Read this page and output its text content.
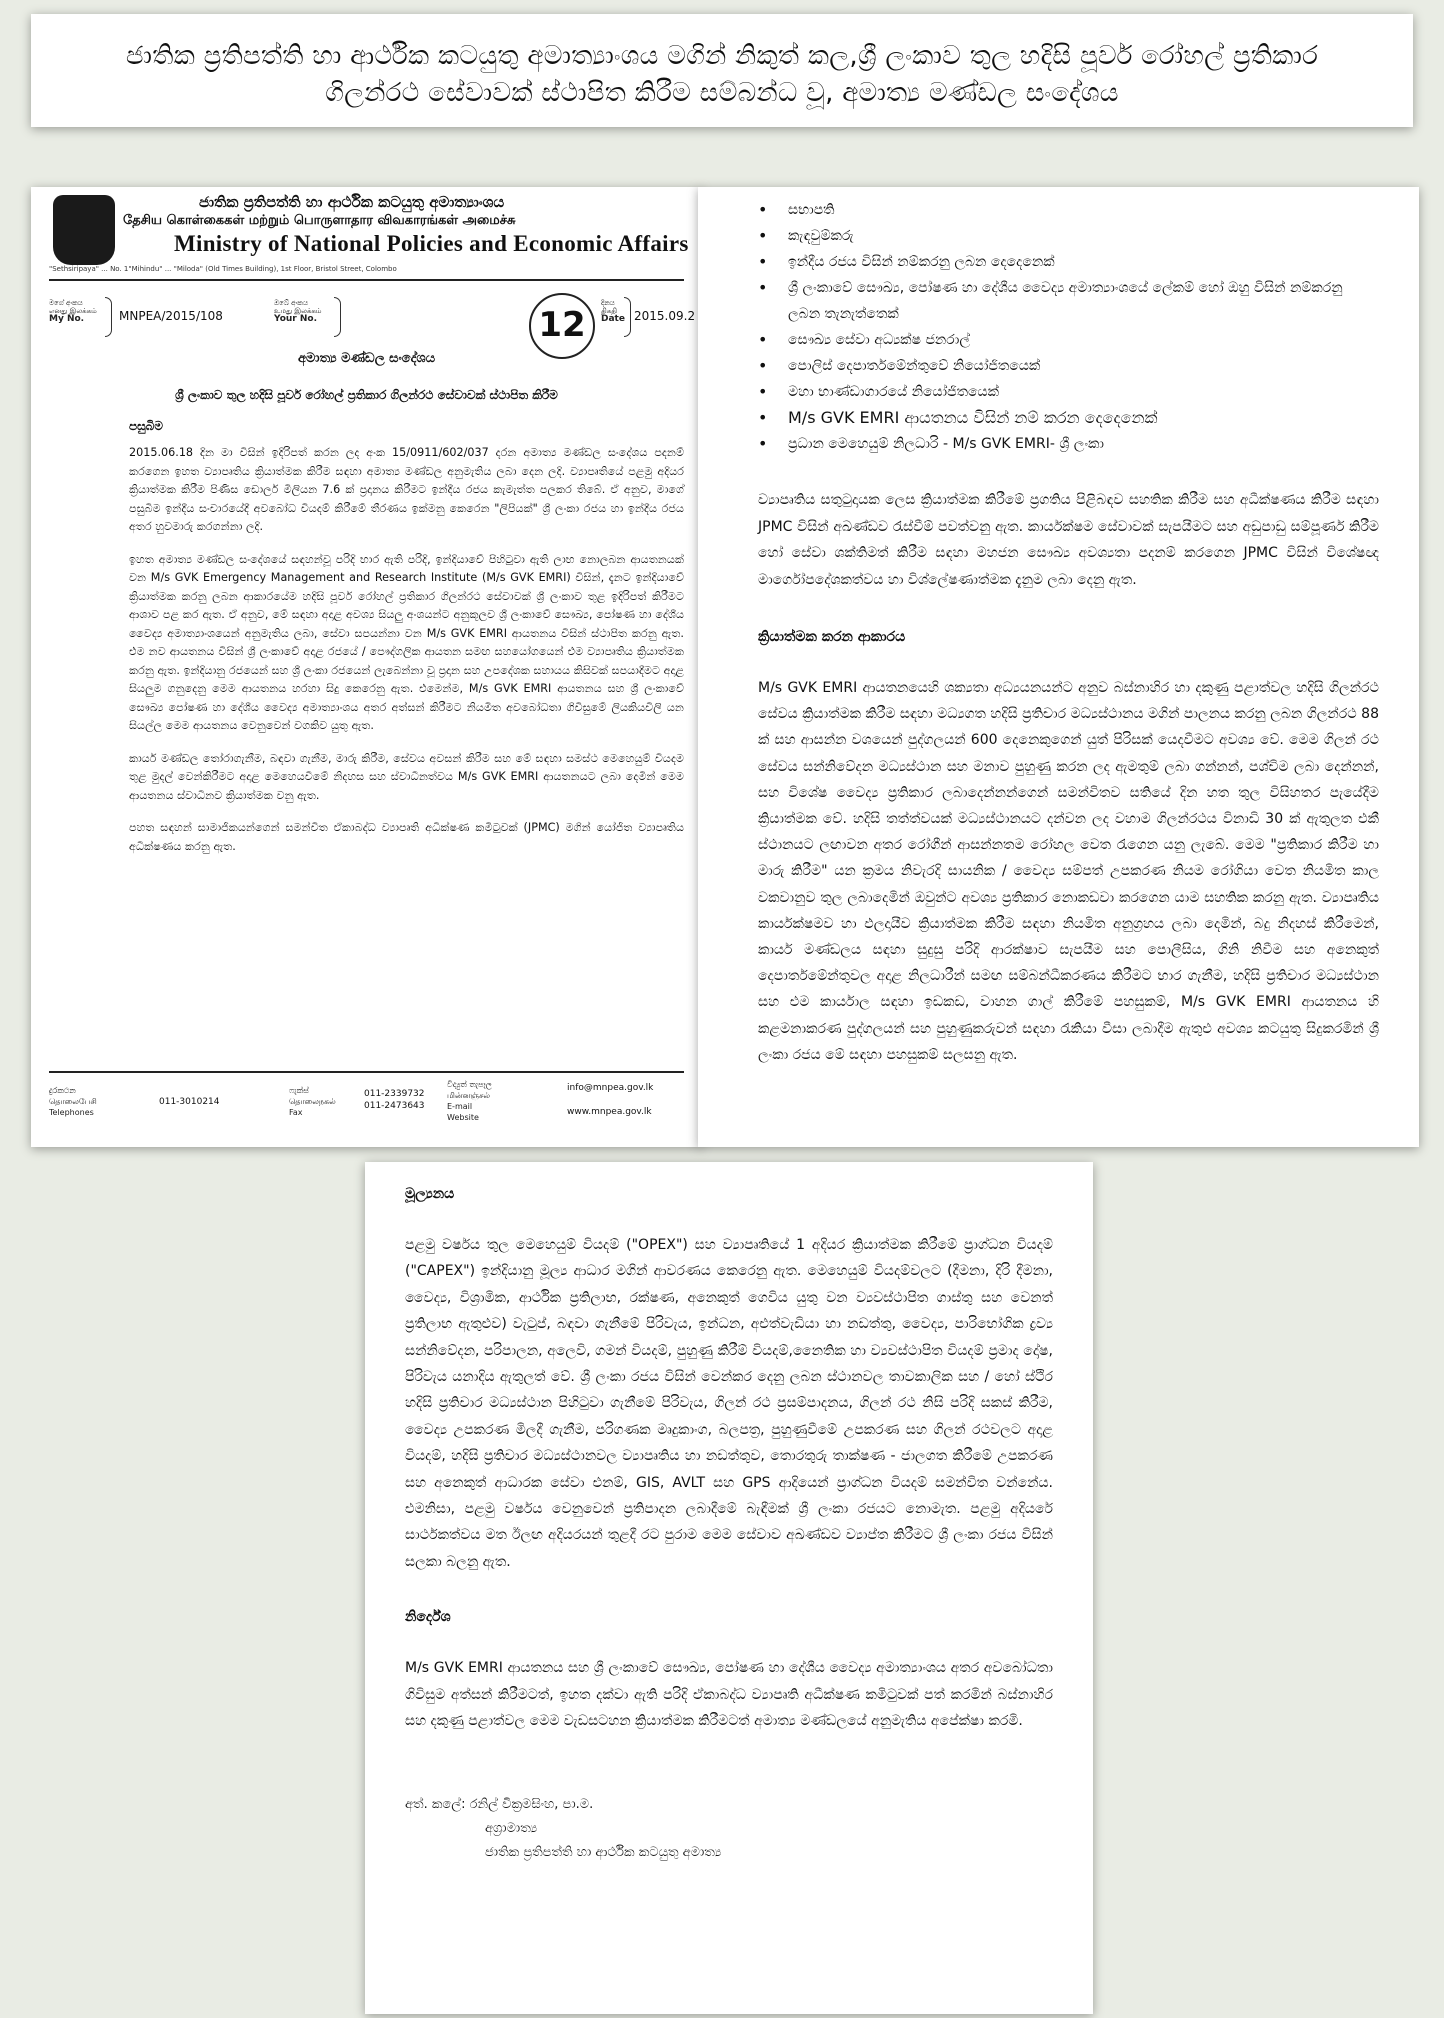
ජාතික ප්‍රතිපත්ති හා ආර්ථික කටයුතු අමාත්‍යාංශය මගින් නිකුත් කල,ශ්‍රී ලංකාව තුල හදිසි පූර්ව රෝහල් ප්‍රතිකාර
ගිලන්රථ සේවාවක් ස්ථාපිත කිරීම සම්බන්ධ වූ, අමාත්‍ය මණ්ඩල සංදේශය
ජාතික ප්‍රතිපත්ති හා ආර්ථික කටයුතු අමාත්‍යාංශය
தேசிய கொள்கைகள் மற்றும் பொருளாதார விவகாரங்கள் அமைச்சு
Ministry of National Policies and Economic Affairs
"Sethsiripaya" ... No. 1"Mihindu" ... "Miloda" (Old Times Building), 1st Floor, Bristol Street, Colombo
මගේ අංකය
எனது இலக்கம்
My No.	MNPEA/2015/108
ඔබේ අංකය
உமது இலக்கம்
Your No.	12
දිනය
திகதி
Date 2015.09.2
අමාත්‍ය මණ්ඩල සංදේශය
ශ්‍රී ලංකාව තුල හදිසි පූර්ව රෝහල් ප්‍රතිකාර ගිලන්රථ සේවාවක් ස්ථාපිත කිරීම
පසුබිම
2015.06.18 දින මා විසින් ඉදිරිපත් කරන ලද අංක 15/0911/602/037 දරන අමාත්‍ය මණ්ඩල සංදේශය පදනම් කරගෙන ඉහත ව්‍යාපෘතිය ක්‍රියාත්මක කිරීම සඳහා අමාත්‍ය මණ්ඩල අනුමැතිය ලබා දෙන ලදි. ව්‍යාපෘතියේ පළමු අදියර ක්‍රියාත්මක කිරීම පිණිස ඩොලර් මිලියන 7.6 ක් ප්‍රදානය කිරීමට ඉන්දීය රජය කැමැත්ත පලකර තිබේ. ඒ අනුව, මාගේ පසුබිම ඉන්දීය සංචාරයේදී අවබෝධ වියදම් කිරීමේ තීරණය ඉක්මනු කෙරෙන "ලිපියක්" ශ්‍රී ලංකා රජය හා ඉන්දීය රජය අතර හුවමාරු කරගන්නා ලදි.
ඉහත අමාත්‍ය මණ්ඩල සංදේශයේ සඳහන්වූ පරිදි භාර ඇති පරිදි, ඉන්දියාවේ පිහිටුවා ඇති ලාභ නොලබන ආයතනයක් වන M/s GVK Emergency Management and Research Institute (M/s GVK EMRI) විසින්, දැනට ඉන්දියාවේ ක්‍රියාත්මක කරනු ලබන ආකාරයේම හදිසි පූර්ව රෝහල් ප්‍රතිකාර ගිලන්රථ සේවාවක් ශ්‍රී ලංකාව තුළ ඉදිරිපත් කිරීමට ආශාව පළ කර ඇත. ඒ අනුව, මේ සඳහා අදාළ අවශ්‍ය සියලු අංශයන්ට අනුකූලව ශ්‍රී ලංකාවේ සෞඛ්‍ය, පෝෂණ හා දේශීය වෛද්‍ය අමාත්‍යාංශයෙන් අනුමැතිය ලබා, සේවා සපයන්නා වන M/s GVK EMRI ආයතනය විසින් ස්ථාපිත කරනු ඇත. එම නව ආයතනය විසින් ශ්‍රී ලංකාවේ අදාළ රජයේ / පෞද්ගලික ආයතන සමඟ සහයෝගයෙන් එම ව්‍යාපෘතිය ක්‍රියාත්මක කරනු ඇත. ඉන්දියානු රජයෙන් සහ ශ්‍රී ලංකා රජයෙන් ලැබෙන්නා වූ ප්‍රදාන සහ උපදේශක සහායය කිසිවක් සපයාදීමට අදාළ සියලුම ගනුදෙනු මෙම ආයතනය හරහා සිදු කෙරෙනු ඇත. එමෙන්ම, M/s GVK EMRI ආයතනය සහ ශ්‍රී ලංකාවේ සෞඛ්‍ය පෝෂණ හා දේශීය වෛද්‍ය අමාත්‍යාංශය අතර අත්සන් කිරීමට නියමිත අවබෝධතා ගිවිසුමේ ලියකියවිලි යන සියල්ල මෙම ආයතනය වෙනුවෙන් වගකිව යුතු ඇත.
කාර්ය මණ්ඩල තෝරාගැනීම, බඳවා ගැනීම, මාරු කිරීම, සේවය අවසන් කිරීම සහ මේ සඳහා සමස්ථ මෙහෙයුම් වියදම තුළ මුදල් වෙන්කිරීමට අදාළ මෙහෙයවීමේ නිදහස සහ ස්වාධීනත්වය M/s GVK EMRI ආයතනයට ලබා දෙමින් මෙම ආයතනය ස්වාධීනව ක්‍රියාත්මක වනු ඇත.
පහත සඳහන් සාමාජිකයන්ගෙන් සමන්විත ඒකාබද්ධ ව්‍යාපෘති අධීක්ෂණ කමිටුවක් (JPMC) මගින් යෝජිත ව්‍යාපෘතිය අධීක්ෂණය කරනු ඇත.
දුරකථන
தொலைபேசி
Telephones
011-3010214
ෆැක්ස්
தொலைநகல்
Fax
011-2339732
011-2473643
විද්‍යුත් තැපෑල
மின்னஞ்சல்
E-mail
Website
info@mnpea.gov.lk
www.mnpea.gov.lk
• සභාපති
• කැඳවුම්කරු
• ඉන්දීය රජය විසින් නම්කරනු ලබන දෙදෙනෙක්
• ශ්‍රී ලංකාවේ සෞඛ්‍ය, පෝෂණ හා දේශීය වෛද්‍ය අමාත්‍යාංශයේ ලේකම් හෝ ඔහු විසින් නම්කරනු ලබන තැනැත්තෙක්
• සෞඛ්‍ය සේවා අධ්‍යක්ෂ ජනරාල්
• පොලිස් දෙපාර්තමේන්තුවේ නියෝජිතයෙක්
• මහා භාණ්ඩාගාරයේ නියෝජිතයෙක්
• M/s GVK EMRI ආයතනය විසින් නම් කරන දෙදෙනෙක්
• ප්‍රධාන මෙහෙයුම් නිලධාරි - M/s GVK EMRI- ශ්‍රී ලංකා
ව්‍යාපෘතිය සතුටුදායක ලෙස ක්‍රියාත්මක කිරීමේ ප්‍රගතිය පිළිබඳව සහතික කිරීම සහ අධීක්ෂණය කිරීම සඳහා JPMC විසින් අඛණ්ඩව රැස්වීම් පවත්වනු ඇත. කාර්යක්ෂම සේවාවක් සැපයීමට සහ අඩුපාඩු සම්පූර්ණ කිරීම හෝ සේවා ශක්තිමත් කිරීම සඳහා මහජන සෞඛ්‍ය අවශ්‍යතා පදනම් කරගෙන JPMC විසින් විශේෂඥ මාර්ගෝපදේශකත්වය හා විශ්ලේෂණාත්මක දැනුම ලබා දෙනු ඇත.
ක්‍රියාත්මක කරන ආකාරය
M/s GVK EMRI ආයතනයෙහි ශක්‍යතා අධ්‍යයනයන්ට අනුව බස්නාහිර හා දකුණු පළාත්වල හදිසි ගිලන්රථ සේවය ක්‍රියාත්මක කිරීම සඳහා මධ්‍යගත හදිසි ප්‍රතිචාර මධ්‍යස්ථානය මගින් පාලනය කරනු ලබන ගිලන්රථ 88 ක් සහ ආසන්න වශයෙන් පුද්ගලයන් 600 දෙනෙකුගෙන් යුත් පිරිසක් යෙදවීමට අවශ්‍ය වේ. මෙම ගිලන් රථ සේවය සන්නිවේදන මධ්‍යස්ථාන සහ මනාව පුහුණු කරන ලද ඇමතුම් ලබා ගන්නන්, පශ්චිම ලබා දෙන්නන්, සහ විශේෂ වෛද්‍ය ප්‍රතිකාර ලබාදෙන්නන්ගෙන් සමන්විතව සතියේ දින හත තුල විසිහතර පැයේදීම ක්‍රියාත්මක වේ. හදිසි තත්ත්වයක් මධ්‍යස්ථානයට දන්වන ලද වහාම ගිලන්රථය විනාඩි 30 ක් ඇතුලත එකී ස්ථානයට ලඟාවන අතර රෝගීන් ආසන්නතම රෝහල වෙත රැගෙන යනු ලැබේ. මෙම "ප්‍රතිකාර කිරීම හා මාරු කිරීම" යන ක්‍රමය නිවැරදි සායනික / වෛද්‍ය සම්පත් උපකරණ නියම රෝගියා වෙත නියමිත කාල වකවානුව තුල ලබාදෙමින් ඔවුන්ට අවශ්‍ය ප්‍රතිකාර නොකඩවා කරගෙන යාම සහතික කරනු ඇත. ව්‍යාපෘතිය කාර්යක්ෂමව හා ඵලදායීව ක්‍රියාත්මක කිරීම සඳහා නියමිත අනුග්‍රහය ලබා දෙමින්, බදු නිදහස් කිරීමෙන්, කාර්ය මණ්ඩලය සඳහා සුදුසු පරිදි ආරක්ෂාව සැපයීම සහ පොලීසිය, ගිනි නිවීම සහ අනෙකුත් දෙපාර්තමේන්තුවල අදාළ නිලධාරීන් සමඟ සම්බන්ධීකරණය කිරීමට භාර ගැනීම, හදිසි ප්‍රතිචාර මධ්‍යස්ථාන සහ එම කාර්යාල සඳහා ඉඩකඩ, වාහන ගාල් කිරීමේ පහසුකම්, M/s GVK EMRI ආයතනය හි කළමනාකරණ පුද්ගලයන් සහ පුහුණුකරුවන් සඳහා රැකියා වීසා ලබාදීම ඇතුළු අවශ්‍ය කටයුතු සිදුකරමින් ශ්‍රී ලංකා රජය මේ සඳහා පහසුකම් සලසනු ඇත.
මූල්‍යනය
පළමු වර්ෂය තුල මෙහෙයුම් වියදම් ("OPEX") සහ ව්‍යාපෘතියේ 1 අදියර ක්‍රියාත්මක කිරීමේ ප්‍රාග්ධන වියදම් ("CAPEX") ඉන්දියානු මූල්‍ය ආධාර මගින් ආවරණය කෙරෙනු ඇත. මෙහෙයුම් වියදම්වලට (දීමනා, දිරි දීමනා, වෛද්‍ය, විශ්‍රාමික, ආර්ථික ප්‍රතිලාභ, රක්ෂණ, අනෙකුත් ගෙවිය යුතු වන ව්‍යවස්ථාපිත ගාස්තු සහ වෙනත් ප්‍රතිලාභ ඇතුළුව) වැටුප්, බඳවා ගැනීමේ පිරිවැය, ඉන්ධන, අළුත්වැඩියා හා නඩත්තු, වෛද්‍ය, පාරිභෝගික ද්‍රව්‍ය සන්නිවේදන, පරිපාලන, අලෙවි, ගමන් වියදම්, පුහුණු කිරීම් වියදම්,නෛතික හා ව්‍යවස්ථාපිත වියදම් ප්‍රමාද දෝෂ, පිරිවැය යනාදිය ඇතුලත් වේ. ශ්‍රී ලංකා රජය විසින් වෙන්කර දෙනු ලබන ස්ථානවල තාවකාලික සහ / හෝ ස්ථිර හදිසි ප්‍රතිචාර මධ්‍යස්ථාන පිහිටුවා ගැනීමේ පිරිවැය, ගිලන් රථ ප්‍රසම්පාදනය, ගිලන් රථ නිසි පරිදි සකස් කිරීම, වෛද්‍ය උපකරණ මිලදී ගැනීම, පරිගණක මෘදුකාංග, බලපත්‍ර, පුහුණුවීමේ උපකරණ සහ ගිලන් රථවලට අදාළ වියදම්, හදිසි ප්‍රතිචාර මධ්‍යස්ථානවල ව්‍යාපෘතිය හා නඩත්තුව, තොරතුරු තාක්ෂණ - ජාලගත කිරීමේ උපකරණ සහ අනෙකුත් ආධාරක සේවා එනම්, GIS, AVLT සහ GPS ආදියෙන් ප්‍රාග්ධන වියදම් සමන්විත වන්නේය. එමනිසා, පළමු වර්ෂය වෙනුවෙන් ප්‍රතිපාදන ලබාදීමේ බැඳීමක් ශ්‍රී ලංකා රජයට නොමැත. පළමු අදියරේ සාර්ථකත්වය මත ඊලඟ අදියරයන් තුළදී රට පුරාම මෙම සේවාව අඛණ්ඩව ව්‍යාප්ත කිරීමට ශ්‍රී ලංකා රජය විසින් සලකා බලනු ඇත.
නිර්දේශ
M/s GVK EMRI ආයතනය සහ ශ්‍රී ලංකාවේ සෞඛ්‍ය, පෝෂණ හා දේශීය වෛද්‍ය අමාත්‍යාංශය අතර අවබෝධතා ගිවිසුම අත්සන් කිරීමටත්, ඉහත දක්වා ඇති පරිදි ඒකාබද්ධ ව්‍යාපෘති අධීක්ෂණ කමිටුවක් පත් කරමින් බස්නාහිර සහ දකුණු පළාත්වල මෙම වැඩසටහන ක්‍රියාත්මක කිරීමටත් අමාත්‍ය මණ්ඩලයේ අනුමැතිය අපේක්ෂා කරමි.
අත්. කලේ: රනිල් වික්‍රමසිංහ, පා.ම.
අග්‍රාමාත්‍ය
ජාතික ප්‍රතිපත්ති හා ආර්ථික කටයුතු අමාත්‍ය
